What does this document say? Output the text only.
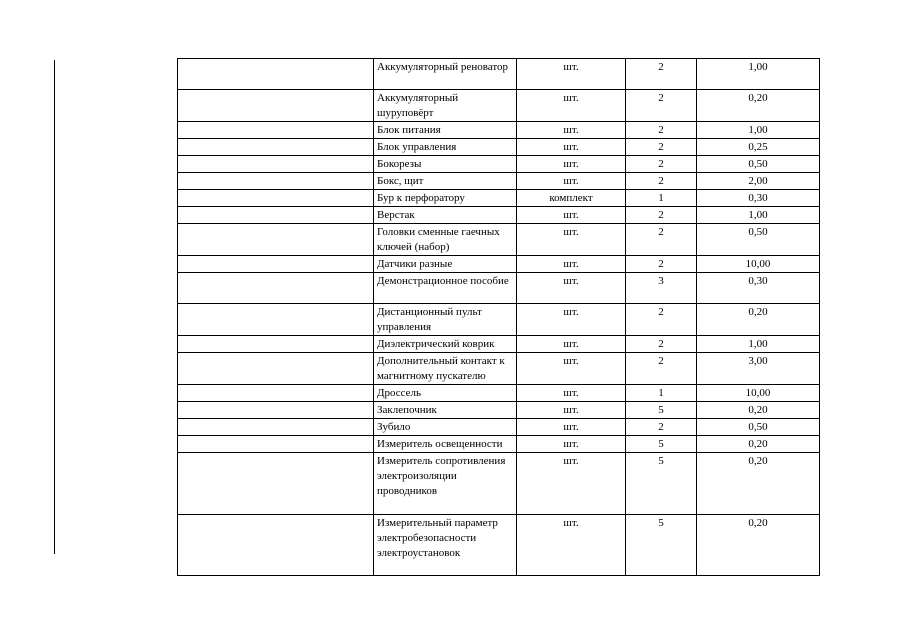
	Аккумуляторный реноватор	шт.	2	1,00
	Аккумуляторный шуруповёрт	шт.	2	0,20
	Блок питания	шт.	2	1,00
	Блок управления	шт.	2	0,25
	Бокорезы	шт.	2	0,50
	Бокс, щит	шт.	2	2,00
	Бур к перфоратору	комплект	1	0,30
	Верстак	шт.	2	1,00
	Головки сменные гаечных ключей (набор)	шт.	2	0,50
	Датчики разные	шт.	2	10,00
	Демонстрационное пособие	шт.	3	0,30
	Дистанционный пульт управления	шт.	2	0,20
	Диэлектрический коврик	шт.	2	1,00
	Дополнительный контакт к магнитному пускателю	шт.	2	3,00
	Дроссель	шт.	1	10,00
	Заклепочник	шт.	5	0,20
	Зубило	шт.	2	0,50
	Измеритель освещенности	шт.	5	0,20
	Измеритель сопротивления электроизоляции проводников	шт.	5	0,20
	Измерительный параметр электробезопасности электроустановок	шт.	5	0,20
